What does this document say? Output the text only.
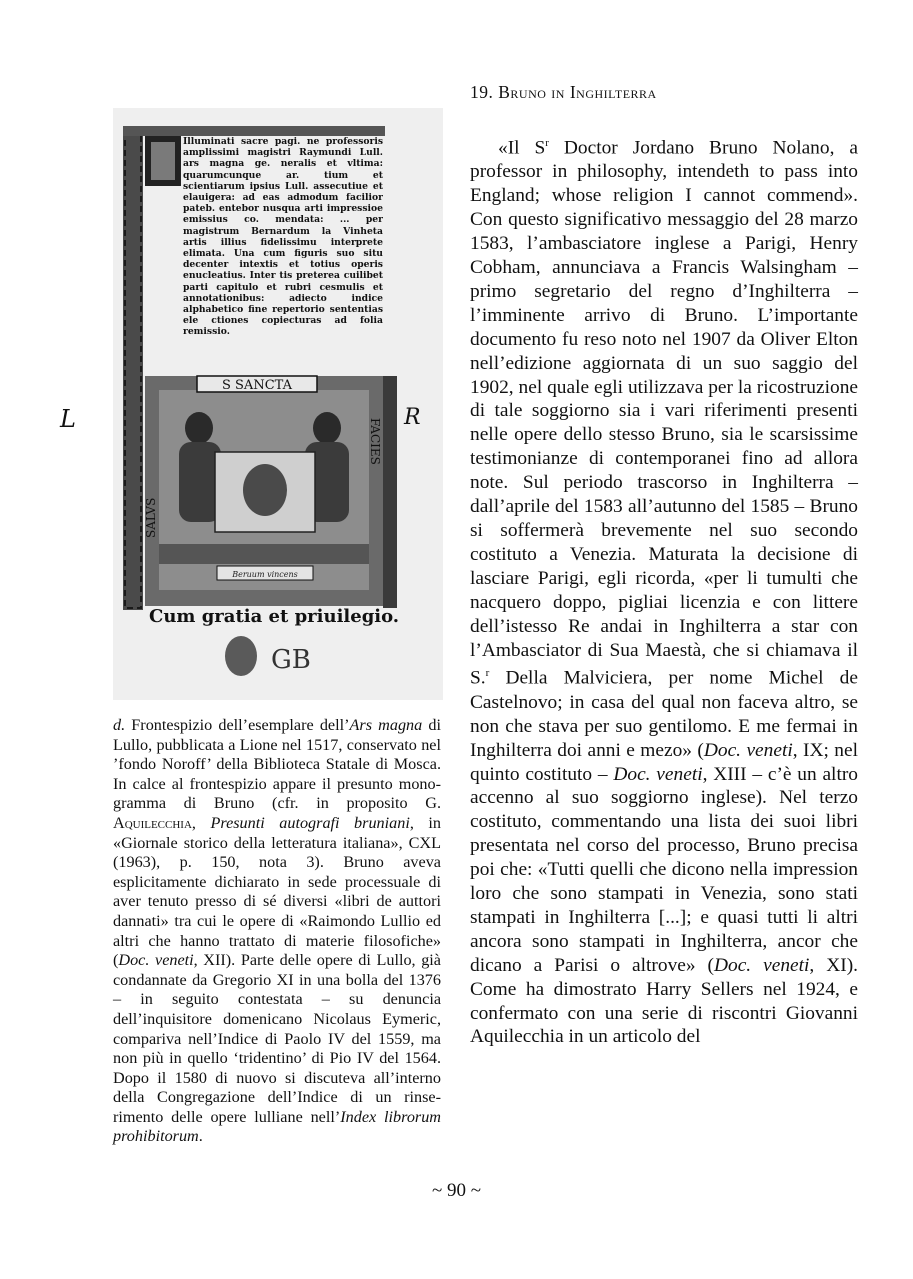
Illuminati sacre pagi. ne professoris amplissimi magistri Raymundi Lull. ars magna ge. neralis et vltima: quarumcunque ar. tium et scientiarum ipsius Lull. assecutiue et elauigera: ad eas admodum facilior pateb. entebor nusqua arti impressioe emissius co. mendata: ... per magistrum Bernardum la Vinheta artis illius fidelissimu interprete elimata. Una cum figuris suo situ decenter intextis et totius operis enucleatius. Inter tis preterea cuilibet parti capitulo et rubri cesmulis et annotationibus: adiecto indice alphabetico fine repertorio sententias ele ctiones copiecturas ad folia remissio.
S SANCTA
SALVS
FACIES
Beruum vincens
Cum gratia et priuilegio.
GB
L	R

d. Frontespizio dell’esemplare dell’Ars magna di Lullo, pubblicata a Lione nel 1517, conservato nel ’fondo Noroff’ della Biblioteca Statale di Mosca. In calce al frontespizio appare il presunto monogramma di Bruno (cfr. in proposito G. Aquilecchia, Presunti autografi bruniani, in «Giornale storico della letteratura italiana», CXL (1963), p. 150, nota 3). Bruno aveva esplicitamente dichiarato in sede processuale di aver tenuto presso di sé diversi «libri de auttori dannati» tra cui le opere di «Raimondo Lullio ed altri che hanno trattato di materie filosofiche» (Doc. veneti, XII). Parte delle opere di Lullo, già condannate da Gregorio XI in una bolla del 1376 – in seguito contestata – su denuncia dell’inquisitore domenicano Nicolaus Eymeric, compariva nell’Indice di Paolo IV del 1559, ma non più in quello ‘tridentino’ di Pio IV del 1564. Dopo il 1580 di nuovo si discuteva all’interno della Congregazione dell’Indice di un rinserimento delle opere lulliane nell’Index librorum prohibitorum.

19. Bruno in Inghilterra

«Il $S^r$ Doctor Jordano Bruno Nolano, a professor in philosophy, intendeth to pass into England; whose religion I cannot commend». Con questo significativo messaggio del 28 marzo 1583, l’ambasciatore inglese a Parigi, Henry Cobham, annunciava a Francis Walsingham – primo segretario del regno d’Inghilterra – l’imminente arrivo di Bruno. L’importante documento fu reso noto nel 1907 da Oliver Elton nell’edizione aggiornata di un suo saggio del 1902, nel quale egli utilizzava per la ricostruzione di tale soggiorno sia i vari riferimenti presenti nelle opere dello stesso Bruno, sia le scarsissime testimonianze di contemporanei fino ad allora note. Sul periodo trascorso in Inghilterra – dall’aprile del 1583 all’autunno del 1585 – Bruno si soffermerà brevemente nel suo secondo costituto a Venezia. Maturata la decisione di lasciare Parigi, egli ricorda, «per li tumulti che nacquero doppo, pigliai licenzia e con littere dell’istesso Re andai in Inghilterra a star con l’Ambasciator di Sua Maestà, che si chiamava il S.$^r$ Della Malviciera, per nome Michel de Castelnovo; in casa del qual non faceva altro, se non che stava per suo gentilomo. E me fermai in Inghilterra doi anni e mezo» (Doc. veneti, IX; nel quinto costituto – Doc. veneti, XIII – c’è un altro accenno al suo soggiorno inglese). Nel terzo costituto, commentando una lista dei suoi libri presentata nel corso del processo, Bruno precisa poi che: «Tutti quelli che dicono nella impression loro che sono stampati in Venezia, sono stati stampati in Inghilterra [...]; e quasi tutti li altri ancora sono stampati in Inghilterra, ancor che dicano a Parisi o altrove» (Doc. veneti, XI). Come ha dimostrato Harry Sellers nel 1924, e confermato con una serie di riscontri Giovanni Aquilecchia in un articolo del

~ 90 ~
